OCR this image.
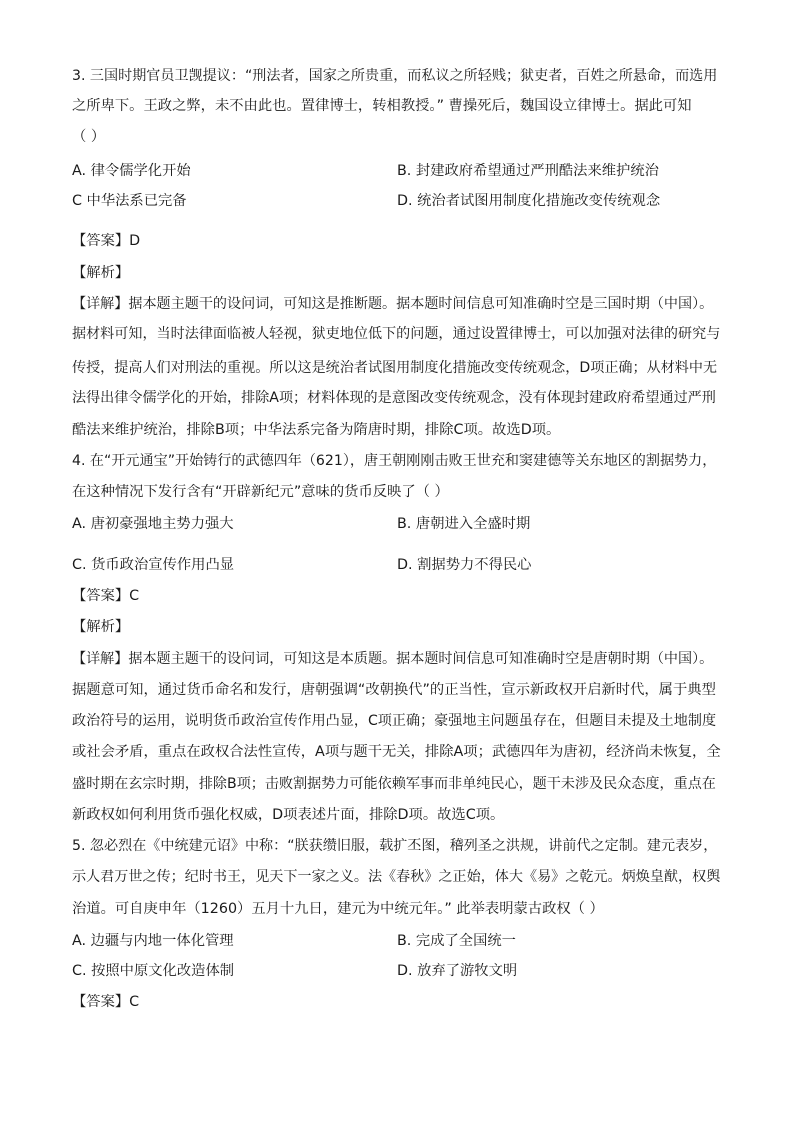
3. 三国时期官员卫觊提议：“刑法者，国家之所贵重，而私议之所轻贱；狱吏者，百姓之所悬命，而选用
之所卑下。王政之弊，未不由此也。置律博士，转相教授。” 曹操死后，魏国设立律博士。据此可知
（ ）
A. 律令儒学化开始	B. 封建政府希望通过严刑酷法来维护统治
C 中华法系已完备	D. 统治者试图用制度化措施改变传统观念
【答案】D
【解析】
【详解】据本题主题干的设问词，可知这是推断题。据本题时间信息可知准确时空是三国时期（中国）。
据材料可知，当时法律面临被人轻视，狱吏地位低下的问题，通过设置律博士，可以加强对法律的研究与
传授，提高人们对刑法的重视。所以这是统治者试图用制度化措施改变传统观念，D项正确；从材料中无
法得出律令儒学化的开始，排除A项；材料体现的是意图改变传统观念，没有体现封建政府希望通过严刑
酷法来维护统治，排除B项；中华法系完备为隋唐时期，排除C项。故选D项。
4. 在“开元通宝”开始铸行的武德四年（621），唐王朝刚刚击败王世充和窦建德等关东地区的割据势力，
在这种情况下发行含有“开辟新纪元”意味的货币反映了（ ）
A. 唐初豪强地主势力强大	B. 唐朝进入全盛时期
C. 货币政治宣传作用凸显	D. 割据势力不得民心
【答案】C
【解析】
【详解】据本题主题干的设问词，可知这是本质题。据本题时间信息可知准确时空是唐朝时期（中国）。
据题意可知，通过货币命名和发行，唐朝强调“改朝换代”的正当性，宣示新政权开启新时代，属于典型
政治符号的运用，说明货币政治宣传作用凸显，C项正确；豪强地主问题虽存在，但题目未提及土地制度
或社会矛盾，重点在政权合法性宣传，A项与题干无关，排除A项；武德四年为唐初，经济尚未恢复，全
盛时期在玄宗时期，排除B项；击败割据势力可能依赖军事而非单纯民心，题干未涉及民众态度，重点在
新政权如何利用货币强化权威，D项表述片面，排除D项。故选C项。
5. 忽必烈在《中统建元诏》中称：“朕获缵旧服，载扩丕图，稽列圣之洪规，讲前代之定制。建元表岁，
示人君万世之传；纪时书王，见天下一家之义。法《春秋》之正始，体大《易》之乾元。炳焕皇猷，权舆
治道。可自庚申年（1260）五月十九日，建元为中统元年。” 此举表明蒙古政权（ ）
A. 边疆与内地一体化管理	B. 完成了全国统一
C. 按照中原文化改造体制	D. 放弃了游牧文明
【答案】C
